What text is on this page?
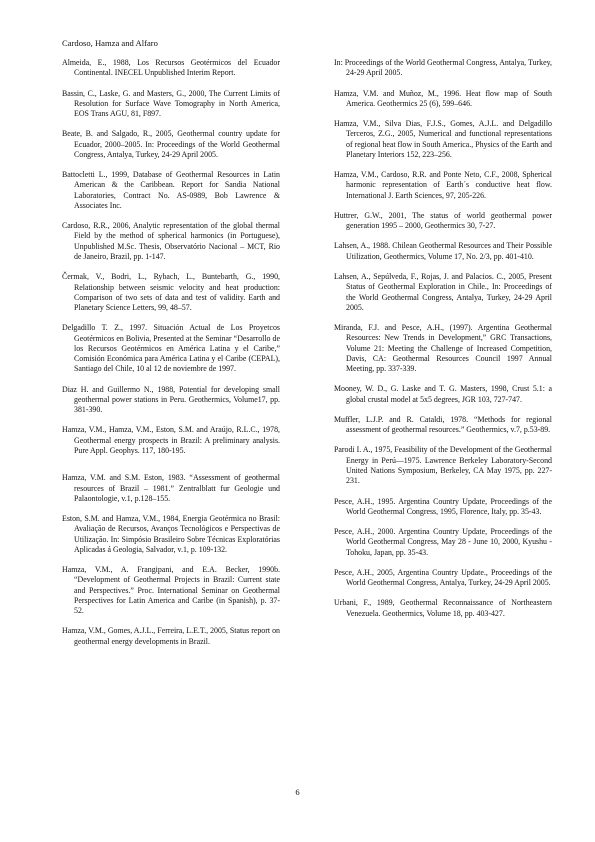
Cardoso, Hamza and Alfaro

Almeida, E., 1988, Los Recursos Geotérmicos del Ecuador Continental. INECEL Unpublished Interim Report.

Bassin, C., Laske, G. and Masters, G., 2000, The Current Limits of Resolution for Surface Wave Tomography in North America, EOS Trans AGU, 81, F897.

Beate, B. and Salgado, R., 2005, Geothermal country update for Ecuador, 2000–2005. In: Proceedings of the World Geothermal Congress, Antalya, Turkey, 24-29 April 2005.

Battocletti L., 1999, Database of Geothermal Resources in Latin American & the Caribbean. Report for Sandia National Laboratories, Contract No. AS-0989, Bob Lawrence & Associates Inc.

Cardoso, R.R., 2006, Analytic representation of the global thermal Field by the method of spherical harmonics (in Portuguese), Unpublished M.Sc. Thesis, Observatório Nacional – MCT, Rio de Janeiro, Brazil, pp. 1-147.

Čermak, V., Bodri, L., Rybach, L., Buntebarth, G., 1990, Relationship between seismic velocity and heat production: Comparison of two sets of data and test of validity. Earth and Planetary Science Letters, 99, 48–57.

Delgadillo T. Z., 1997. Situación Actual de Los Proyetcos Geotérmicos en Bolivia, Presented at the Seminar “Desarrollo de los Recursos Geotérmicos en América Latina y el Caribe,” Comisión Económica para América Latina y el Caribe (CEPAL), Santiago del Chile, 10 al 12 de noviembre de 1997.

Diaz H. and Guillermo N., 1988, Potential for developing small geothermal power stations in Peru. Geothermics, Volume17, pp. 381-390.

Hamza, V.M., Hamza, V.M., Eston, S.M. and Araújo, R.L.C., 1978, Geothermal energy prospects in Brazil: A preliminary analysis. Pure Appl. Geophys. 117, 180-195.

Hamza, V.M. and S.M. Eston, 1983. “Assessment of geothermal resources of Brazil – 1981.” Zentralblatt fur Geologie und Palaontologie, v.1, p.128–155.

Eston, S.M. and Hamza, V.M., 1984, Energia Geotérmica no Brasil: Avaliação de Recursos, Avanços Tecnológicos e Perspectivas de Utilização. In: Simpósio Brasileiro Sobre Técnicas Exploratórias Aplicadas á Geologia, Salvador, v.1, p. 109-132.

Hamza, V.M., A. Frangipani, and E.A. Becker, 1990b. “Development of Geothermal Projects in Brazil: Current state and Perspectives.” Proc. International Seminar on Geothermal Perspectives for Latin America and Caribe (in Spanish), p. 37-52.

Hamza, V.M., Gomes, A.J.L., Ferreira, L.E.T., 2005, Status report on geothermal energy developments in Brazil.

In: Proceedings of the World Geothermal Congress, Antalya, Turkey, 24-29 April 2005.

Hamza, V.M. and Muñoz, M., 1996. Heat flow map of South America. Geothermics 25 (6), 599–646.

Hamza, V.M., Silva Dias, F.J.S., Gomes, A.J.L. and Delgadillo Terceros, Z.G., 2005, Numerical and functional representations of regional heat flow in South America., Physics of the Earth and Planetary Interiors 152, 223–256.

Hamza, V.M., Cardoso, R.R. and Ponte Neto, C.F., 2008, Spherical harmonic representation of Earth´s conductive heat flow. International J. Earth Sciences, 97, 205-226.

Huttrer, G.W., 2001, The status of world geothermal power generation 1995 – 2000, Geothermics 30, 7-27.

Lahsen, A., 1988. Chilean Geothermal Resources and Their Possible Utilization, Geothermics, Volume 17, No. 2/3, pp. 401-410.

Lahsen, A., Sepúlveda, F., Rojas, J. and Palacios. C., 2005, Present Status of Geothermal Exploration in Chile., In: Proceedings of the World Geothermal Congress, Antalya, Turkey, 24-29 April 2005.

Miranda, F.J. and Pesce, A.H., (1997). Argentina Geothermal Resources: New Trends in Development,” GRC Transactions, Volume 21: Meeting the Challenge of Increased Competition, Davis, CA: Geothermal Resources Council 1997 Annual Meeting, pp. 337-339.

Mooney, W. D., G. Laske and T. G. Masters, 1998, Crust 5.1: a global crustal model at 5x5 degrees, JGR 103, 727-747.

Muffler, L.J.P. and R. Cataldi, 1978. “Methods for regional assessment of geothermal resources.” Geothermics, v.7, p.53-89.

Parodi I. A., 1975, Feasibility of the Development of the Geothermal Energy in Perú—1975. Lawrence Berkeley Laboratory-Second United Nations Symposium, Berkeley, CA May 1975, pp. 227-231.

Pesce, A.H., 1995. Argentina Country Update, Proceedings of the World Geothermal Congress, 1995, Florence, Italy, pp. 35-43.

Pesce, A.H., 2000. Argentina Country Update, Proceedings of the World Geothermal Congress, May 28 - June 10, 2000, Kyushu - Tohoku, Japan, pp. 35-43.

Pesce, A.H., 2005, Argentina Country Update., Proceedings of the World Geothermal Congress, Antalya, Turkey, 24-29 April 2005.

Urbani, F., 1989, Geothermal Reconnaissance of Northeastern Venezuela. Geothermics, Volume 18, pp. 403-427.

6
